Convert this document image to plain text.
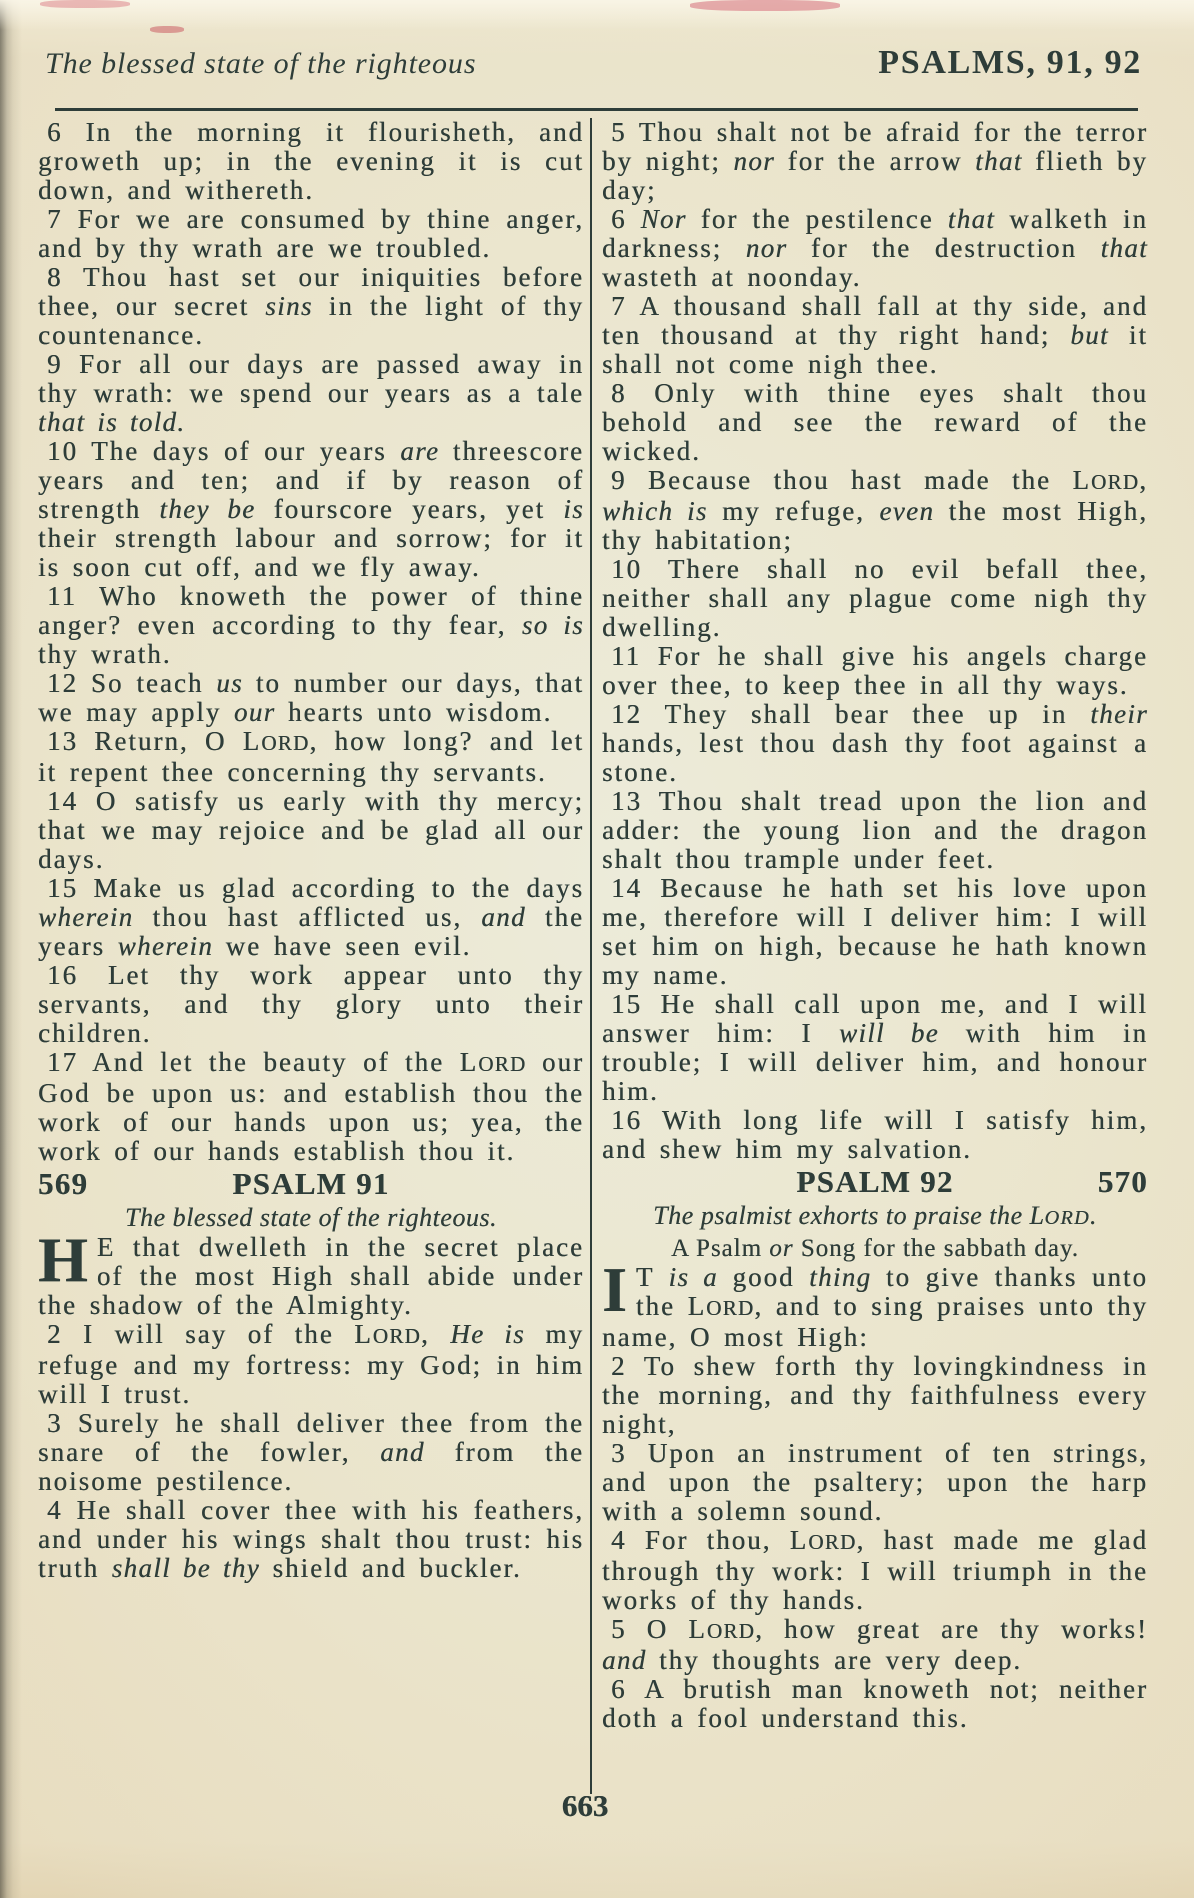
The blessed state of the righteous	PSALMS, 91, 92

6 In the morning it flourisheth, and groweth up; in the evening it is cut down, and withereth.

7 For we are consumed by thine anger, and by thy wrath are we troubled.

8 Thou hast set our iniquities before thee, our secret sins in the light of thy countenance.

9 For all our days are passed away in thy wrath: we spend our years as a tale that is told.

10 The days of our years are threescore years and ten; and if by reason of strength they be fourscore years, yet is their strength labour and sorrow; for it is soon cut off, and we fly away.

11 Who knoweth the power of thine anger? even according to thy fear, so is thy wrath.

12 So teach us to number our days, that we may apply our hearts unto wisdom.

13 Return, O LORD, how long? and let it repent thee concerning thy servants.

14 O satisfy us early with thy mercy; that we may rejoice and be glad all our days.

15 Make us glad according to the days wherein thou hast afflicted us, and the years wherein we have seen evil.

16 Let thy work appear unto thy servants, and thy glory unto their children.

17 And let the beauty of the LORD our God be upon us: and establish thou the work of our hands upon us; yea, the work of our hands establish thou it.

569	PSALM 91

The blessed state of the righteous.

H E that dwelleth in the secret place of the most High shall abide under the shadow of the Almighty.

2 I will say of the LORD, He is my refuge and my fortress: my God; in him will I trust.

3 Surely he shall deliver thee from the snare of the fowler, and from the noisome pestilence.

4 He shall cover thee with his feathers, and under his wings shalt thou trust: his truth shall be thy shield and buckler.

5 Thou shalt not be afraid for the terror by night; nor for the arrow that flieth by day;

6 Nor for the pestilence that walketh in darkness; nor for the destruction that wasteth at noonday.

7 A thousand shall fall at thy side, and ten thousand at thy right hand; but it shall not come nigh thee.

8 Only with thine eyes shalt thou behold and see the reward of the wicked.

9 Because thou hast made the LORD, which is my refuge, even the most High, thy habitation;

10 There shall no evil befall thee, neither shall any plague come nigh thy dwelling.

11 For he shall give his angels charge over thee, to keep thee in all thy ways.

12 They shall bear thee up in their hands, lest thou dash thy foot against a stone.

13 Thou shalt tread upon the lion and adder: the young lion and the dragon shalt thou trample under feet.

14 Because he hath set his love upon me, therefore will I deliver him: I will set him on high, because he hath known my name.

15 He shall call upon me, and I will answer him: I will be with him in trouble; I will deliver him, and honour him.

16 With long life will I satisfy him, and shew him my salvation.

PSALM 92	570

The psalmist exhorts to praise the LORD.

A Psalm or Song for the sabbath day.

I T is a good thing to give thanks unto the LORD, and to sing praises unto thy name, O most High:

2 To shew forth thy lovingkindness in the morning, and thy faithfulness every night,

3 Upon an instrument of ten strings, and upon the psaltery; upon the harp with a solemn sound.

4 For thou, LORD, hast made me glad through thy work: I will triumph in the works of thy hands.

5 O LORD, how great are thy works! and thy thoughts are very deep.

6 A brutish man knoweth not; neither doth a fool understand this.

663
